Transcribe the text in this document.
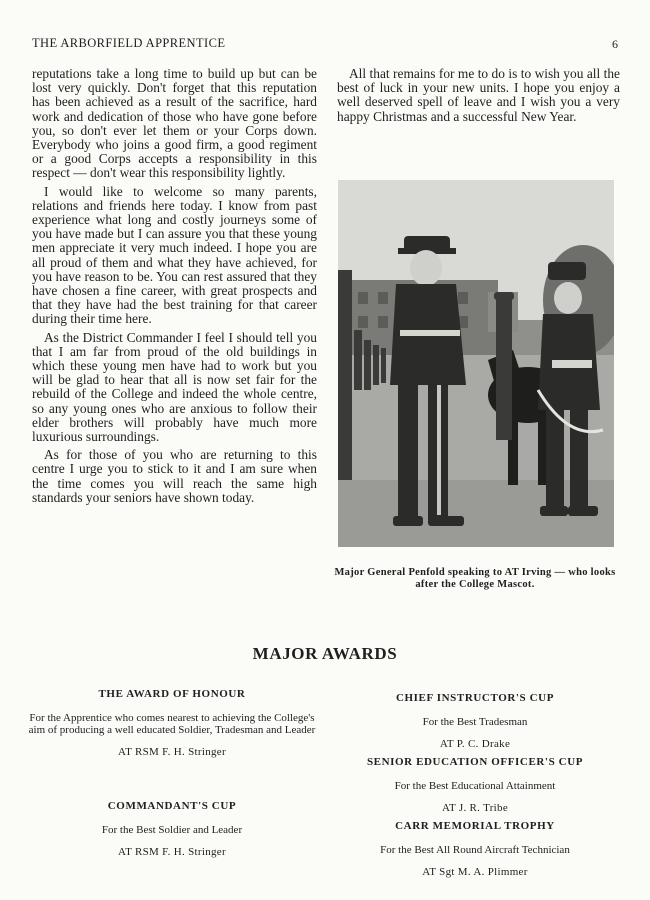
THE ARBORFIELD APPRENTICE	6

reputations take a long time to build up but can be lost very quickly. Don't forget that this reputation has been achieved as a result of the sacrifice, hard work and dedication of those who have gone before you, so don't ever let them or your Corps down. Everybody who joins a good firm, a good regiment or a good Corps accepts a responsibility in this respect — don't wear this responsibility lightly.

I would like to welcome so many parents, relations and friends here today. I know from past experience what long and costly journeys some of you have made but I can assure you that these young men appreciate it very much indeed. I hope you are all proud of them and what they have achieved, for you have reason to be. You can rest assured that they have chosen a fine career, with great prospects and that they have had the best training for that career during their time here.

As the District Commander I feel I should tell you that I am far from proud of the old buildings in which these young men have had to work but you will be glad to hear that all is now set fair for the rebuild of the College and indeed the whole centre, so any young ones who are anxious to follow their elder brothers will probably have much more luxurious surroundings.

As for those of you who are returning to this centre I urge you to stick to it and I am sure when the time comes you will reach the same high standards your seniors have shown today.

All that remains for me to do is to wish you all the best of luck in your new units. I hope you enjoy a well deserved spell of leave and I wish you a very happy Christmas and a successful New Year.

Major General Penfold speaking to AT Irving — who looks after the College Mascot.
MAJOR AWARDS
THE AWARD OF HONOUR
For the Apprentice who comes nearest to achieving the College's aim of producing a well educated Soldier, Tradesman and Leader
AT RSM F. H. Stringer
COMMANDANT'S CUP
For the Best Soldier and Leader
AT RSM F. H. Stringer
CHIEF INSTRUCTOR'S CUP
For the Best Tradesman
AT P. C. Drake
SENIOR EDUCATION OFFICER'S CUP
For the Best Educational Attainment
AT J. R. Tribe
CARR MEMORIAL TROPHY
For the Best All Round Aircraft Technician
AT Sgt M. A. Plimmer
